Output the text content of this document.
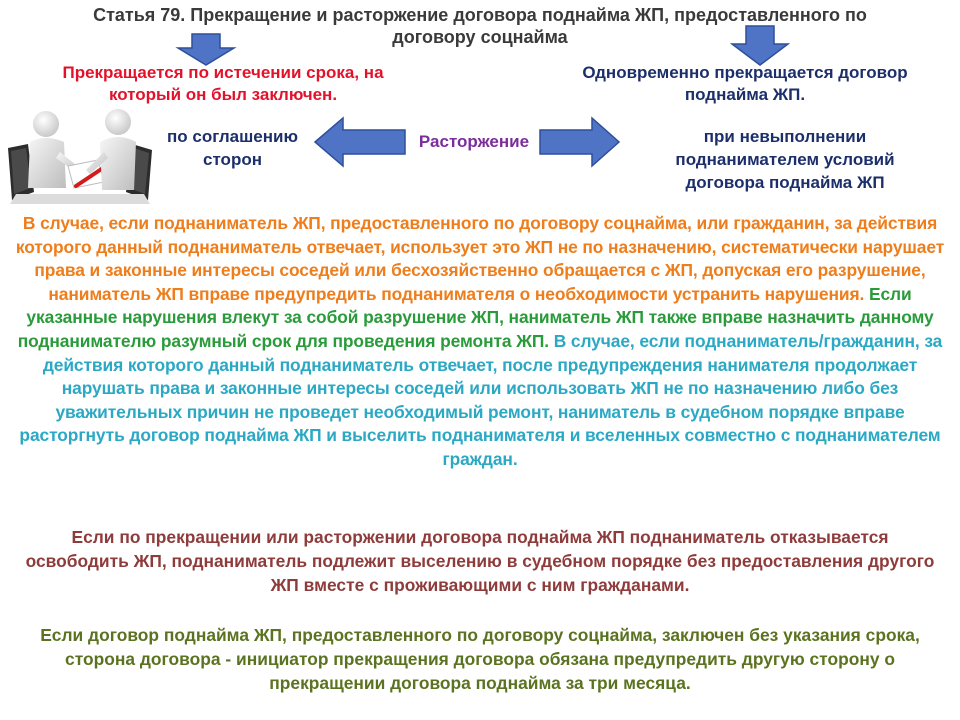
Статья 79. Прекращение и расторжение договора поднайма ЖП, предоставленного по
договору соцнайма
Прекращается по истечении срока, на
который он был заключен.
Одновременно прекращается договор
поднайма ЖП.
по соглашению
сторон
Расторжение	при невыполнении
поднанимателем условий
договора поднайма ЖП
В случае, если поднаниматель ЖП, предоставленного по договору соцнайма, или гражданин, за действия которого данный поднаниматель отвечает, использует это ЖП не по назначению, систематически нарушает права и законные интересы соседей или бесхозяйственно обращается с ЖП, допуская его разрушение, наниматель ЖП вправе предупредить поднанимателя о необходимости устранить нарушения. Если указанные нарушения влекут за собой разрушение ЖП, наниматель ЖП также вправе назначить данному поднанимателю разумный срок для проведения ремонта ЖП. В случае, если поднаниматель/гражданин, за действия которого данный поднаниматель отвечает, после предупреждения нанимателя продолжает нарушать права и законные интересы соседей или использовать ЖП не по назначению либо без уважительных причин не проведет необходимый ремонт, наниматель в судебном порядке вправе расторгнуть договор поднайма ЖП и выселить поднанимателя и вселенных совместно с поднанимателем граждан.
Если по прекращении или расторжении договора поднайма ЖП поднаниматель отказывается освободить ЖП, поднаниматель подлежит выселению в судебном порядке без предоставления другого ЖП вместе с проживающими с ним гражданами.
Если договор поднайма ЖП, предоставленного по договору соцнайма, заключен без указания срока, сторона договора - инициатор прекращения договора обязана предупредить другую сторону о прекращении договора поднайма за три месяца.
